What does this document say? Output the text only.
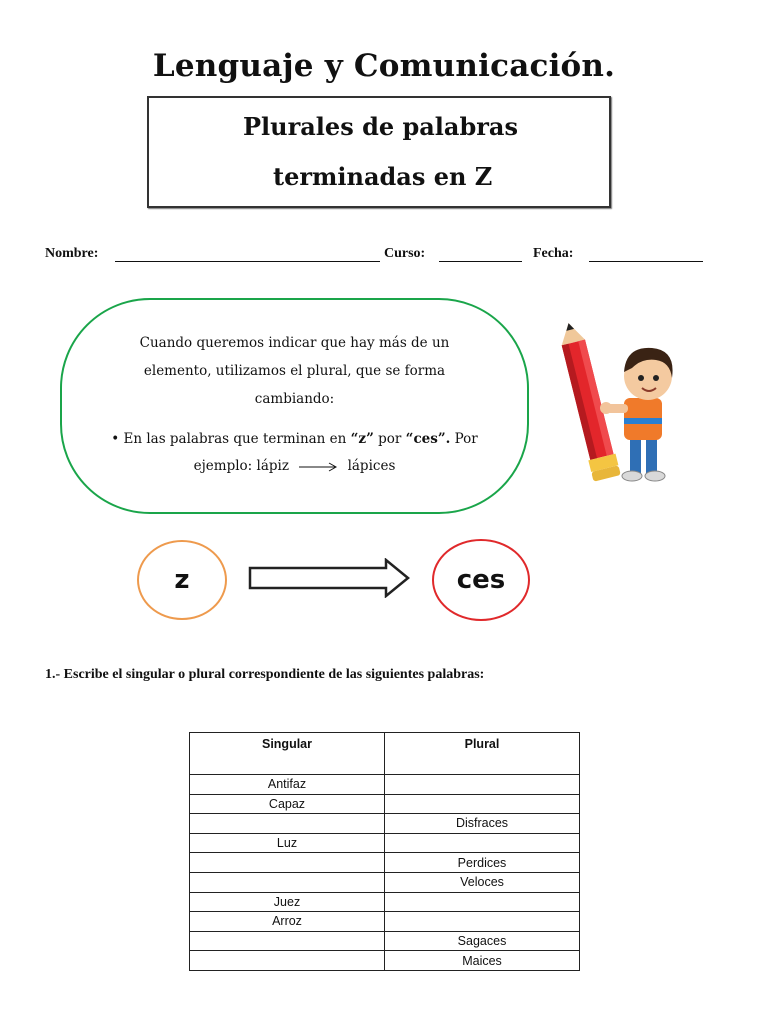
Lenguaje y Comunicación.
Plurales de palabras
terminadas en Z
Nombre:	Curso:	Fecha:
Cuando queremos indicar que hay más de un
elemento, utilizamos el plural, que se forma
cambiando:
• En las palabras que terminan en “z” por “ces”. Por
ejemplo: lápiz	lápices
z	ces
1.- Escribe el singular o plural correspondiente de las siguientes palabras:
Singular	Plural
Antifaz	
Capaz	
	Disfraces
Luz	
	Perdices
	Veloces
Juez	
Arroz	
	Sagaces
	Maices
